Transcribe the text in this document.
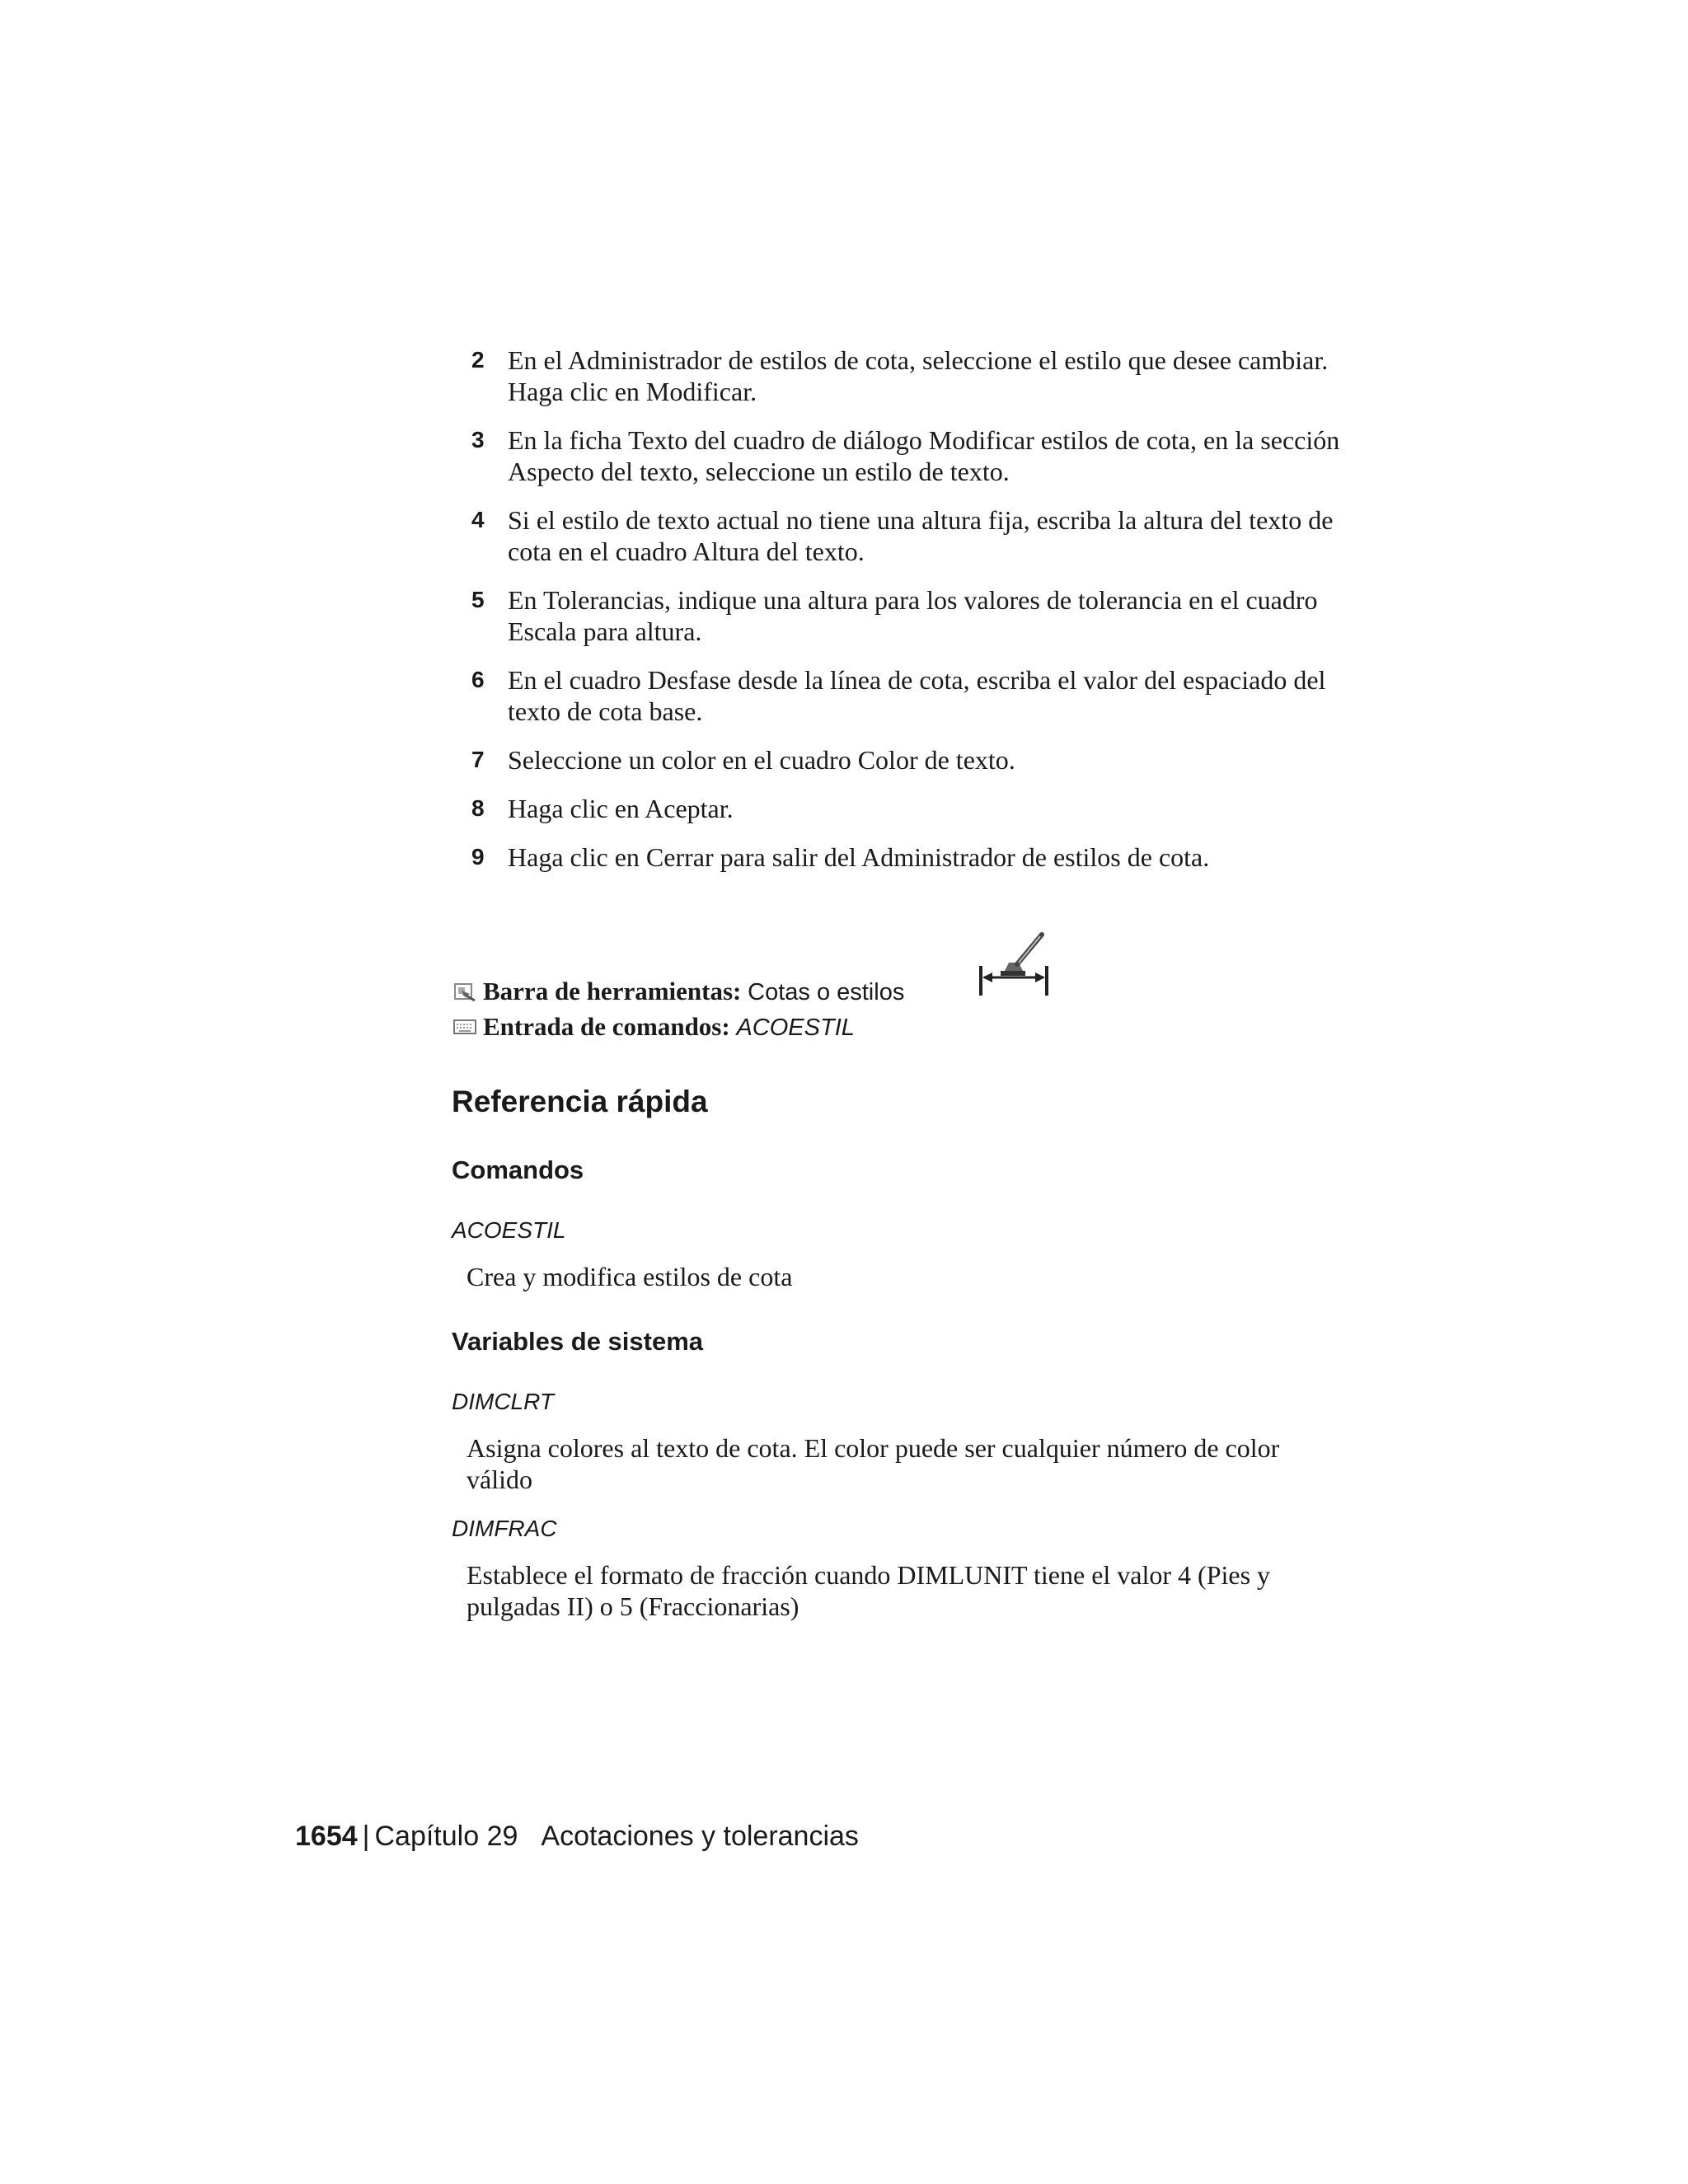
2 En el Administrador de estilos de cota, seleccione el estilo que desee cambiar. Haga clic en Modificar.
3 En la ficha Texto del cuadro de diálogo Modificar estilos de cota, en la sección Aspecto del texto, seleccione un estilo de texto.
4 Si el estilo de texto actual no tiene una altura fija, escriba la altura del texto de cota en el cuadro Altura del texto.
5 En Tolerancias, indique una altura para los valores de tolerancia en el cuadro Escala para altura.
6 En el cuadro Desfase desde la línea de cota, escriba el valor del espaciado del texto de cota base.
7 Seleccione un color en el cuadro Color de texto.
8 Haga clic en Aceptar.
9 Haga clic en Cerrar para salir del Administrador de estilos de cota.
Barra de herramientas: Cotas o estilos
Entrada de comandos: ACOESTIL
Referencia rápida
Comandos
ACOESTIL
Crea y modifica estilos de cota
Variables de sistema
DIMCLRT
Asigna colores al texto de cota. El color puede ser cualquier número de color válido
DIMFRAC
Establece el formato de fracción cuando DIMLUNIT tiene el valor 4 (Pies y pulgadas II) o 5 (Fraccionarias)
1654 | Capítulo 29 Acotaciones y tolerancias
